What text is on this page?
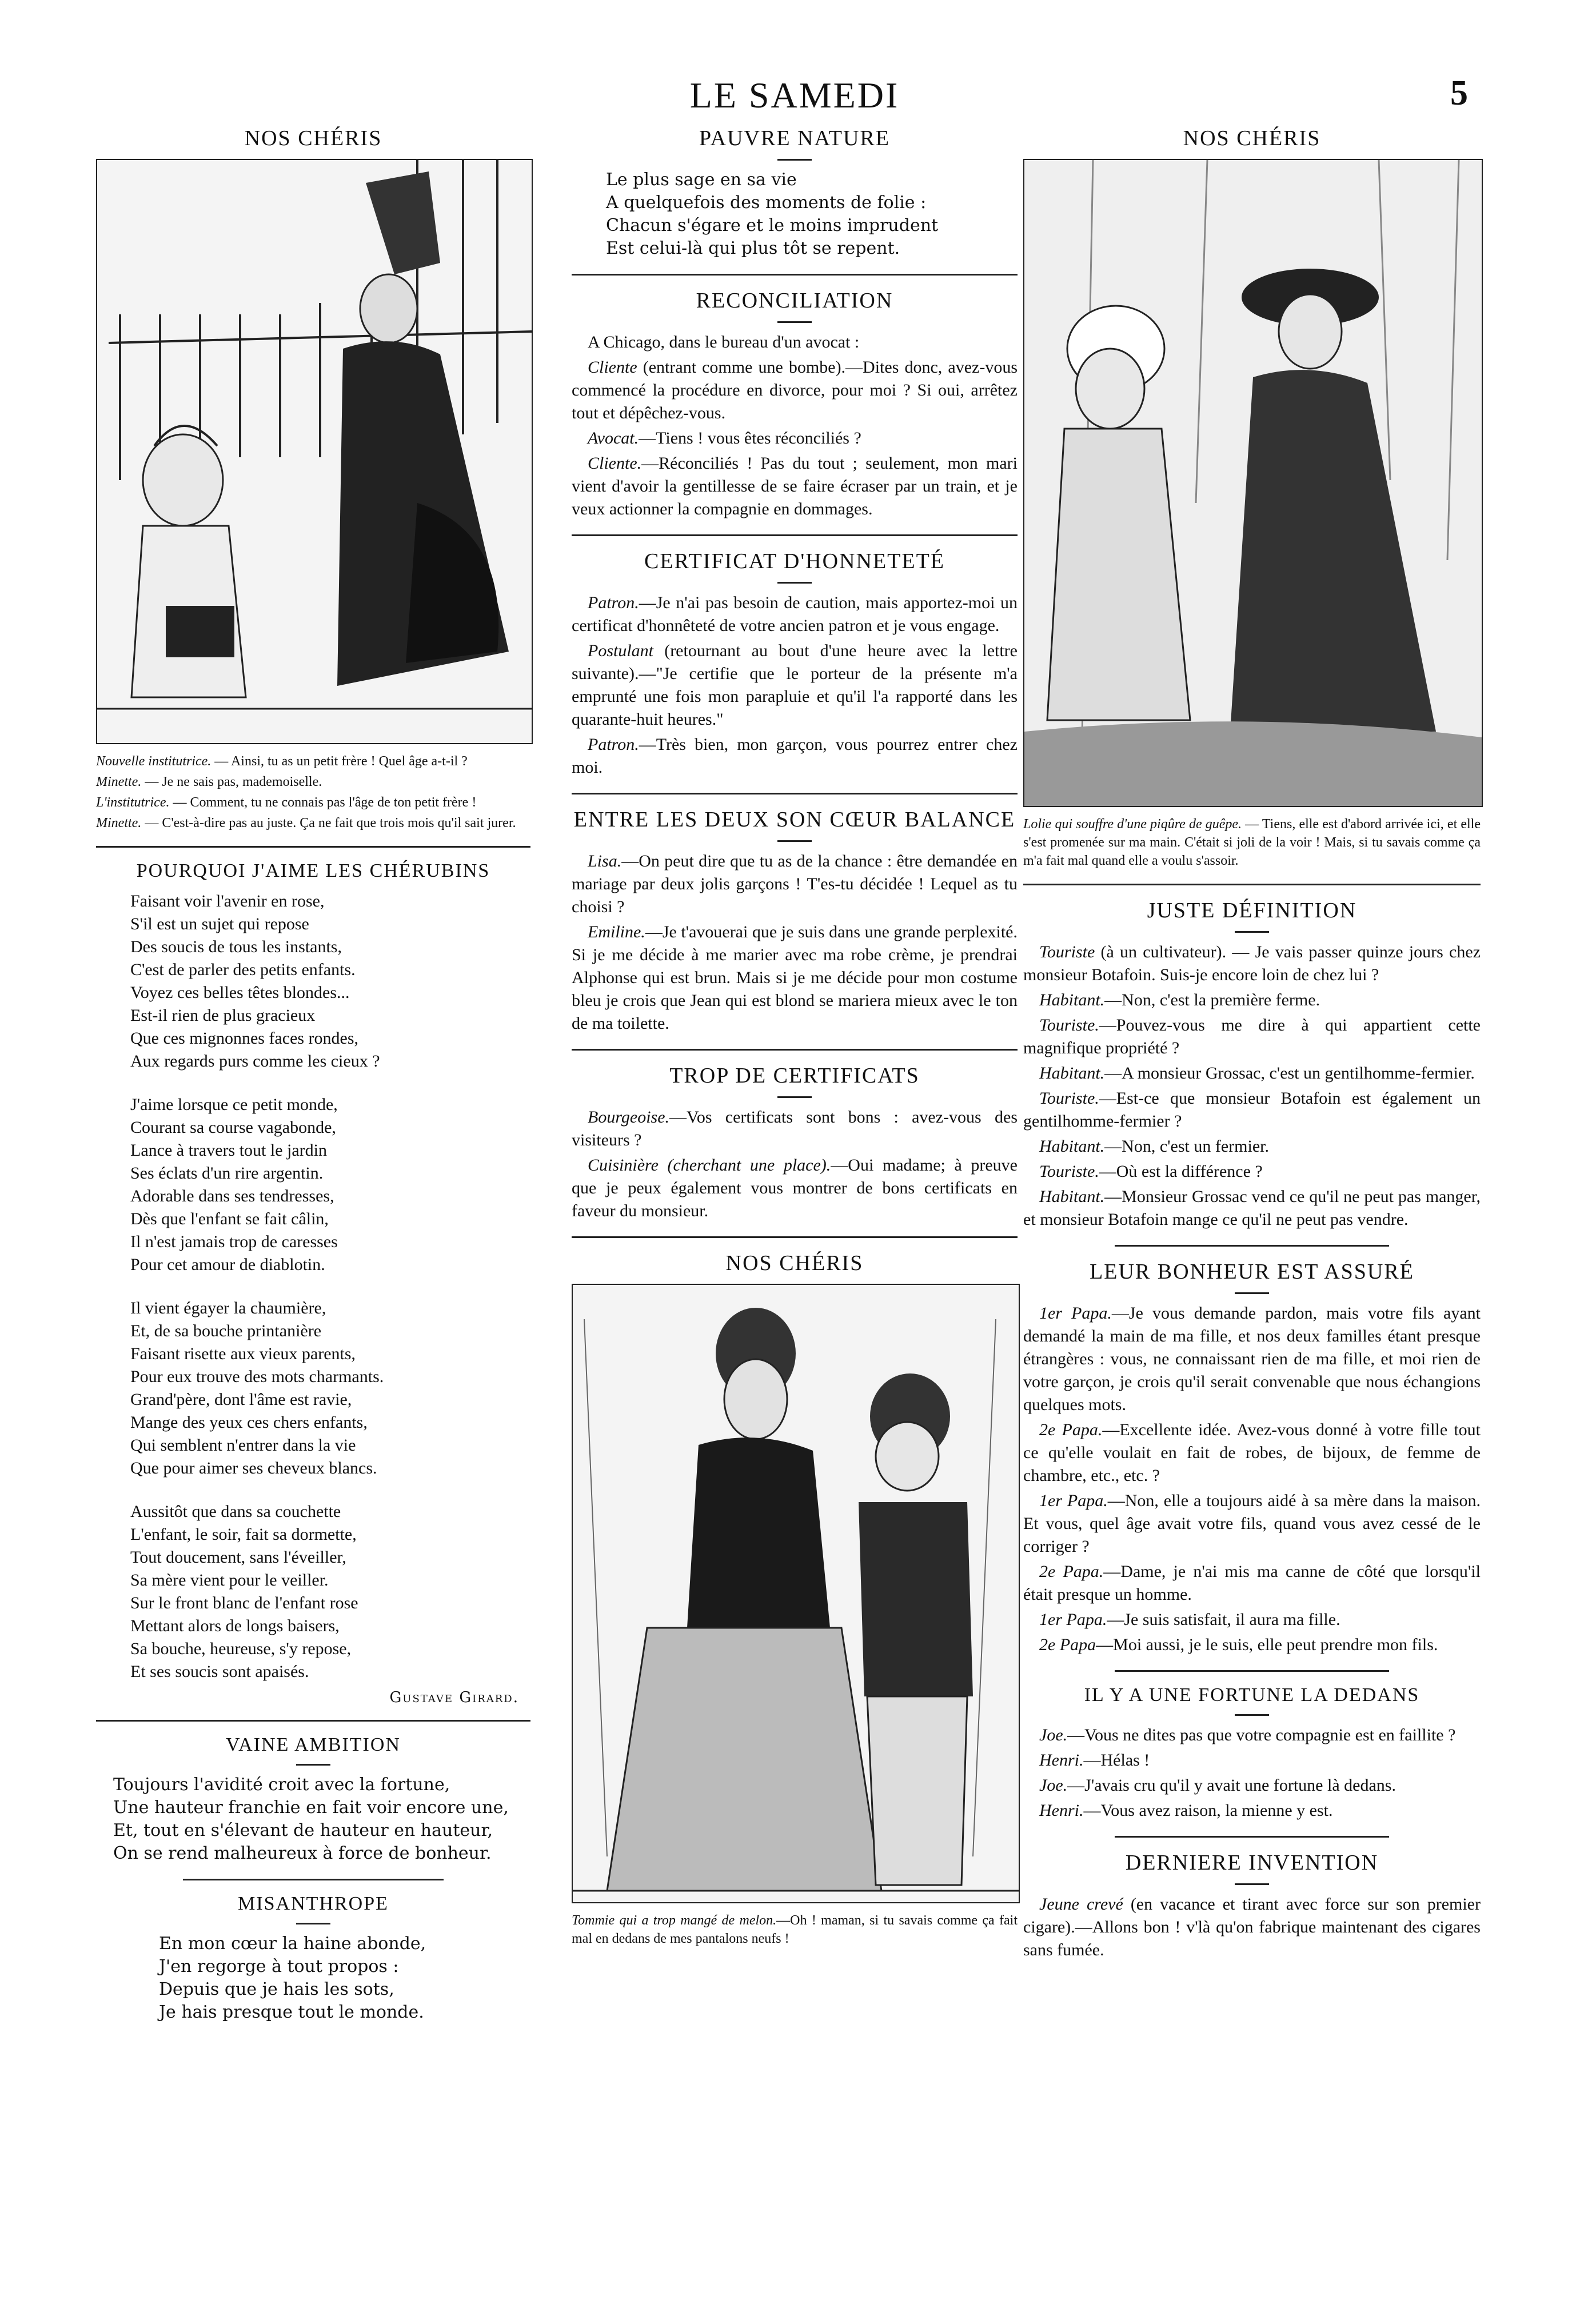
LE SAMEDI	5
NOS CHÉRIS

Nouvelle institutrice. — Ainsi, tu as un petit frère ! Quel âge a-t-il ?

Minette. — Je ne sais pas, mademoiselle.

L'institutrice. — Comment, tu ne connais pas l'âge de ton petit frère !

Minette. — C'est-à-dire pas au juste. Ça ne fait que trois mois qu'il sait jurer.

POURQUOI J'AIME LES CHÉRUBINS
Faisant voir l'avenir en rose,
S'il est un sujet qui repose
Des soucis de tous les instants,
C'est de parler des petits enfants.
Voyez ces belles têtes blondes...
Est-il rien de plus gracieux
Que ces mignonnes faces rondes,
Aux regards purs comme les cieux ?
J'aime lorsque ce petit monde,
Courant sa course vagabonde,
Lance à travers tout le jardin
Ses éclats d'un rire argentin.
Adorable dans ses tendresses,
Dès que l'enfant se fait câlin,
Il n'est jamais trop de caresses
Pour cet amour de diablotin.
Il vient égayer la chaumière,
Et, de sa bouche printanière
Faisant risette aux vieux parents,
Pour eux trouve des mots charmants.
Grand'père, dont l'âme est ravie,
Mange des yeux ces chers enfants,
Qui semblent n'entrer dans la vie
Que pour aimer ses cheveux blancs.
Aussitôt que dans sa couchette
L'enfant, le soir, fait sa dormette,
Tout doucement, sans l'éveiller,
Sa mère vient pour le veiller.
Sur le front blanc de l'enfant rose
Mettant alors de longs baisers,
Sa bouche, heureuse, s'y repose,
Et ses soucis sont apaisés.
Gustave Girard.
VAINE AMBITION
Toujours l'avidité croit avec la fortune,
Une hauteur franchie en fait voir encore une,
Et, tout en s'élevant de hauteur en hauteur,
On se rend malheureux à force de bonheur.
MISANTHROPE
En mon cœur la haine abonde,
J'en regorge à tout propos :
Depuis que je hais les sots,
Je hais presque tout le monde.
PAUVRE NATURE
Le plus sage en sa vie
A quelquefois des moments de folie :
Chacun s'égare et le moins imprudent
Est celui-là qui plus tôt se repent.
RECONCILIATION

A Chicago, dans le bureau d'un avocat :

Cliente (entrant comme une bombe).—Dites donc, avez-vous commencé la procédure en divorce, pour moi ? Si oui, arrêtez tout et dépêchez-vous.

Avocat.—Tiens ! vous êtes réconciliés ?

Cliente.—Réconciliés ! Pas du tout ; seulement, mon mari vient d'avoir la gentillesse de se faire écraser par un train, et je veux actionner la compagnie en dommages.

CERTIFICAT D'HONNETETÉ

Patron.—Je n'ai pas besoin de caution, mais apportez-moi un certificat d'honnêteté de votre ancien patron et je vous engage.

Postulant (retournant au bout d'une heure avec la lettre suivante).—"Je certifie que le porteur de la présente m'a emprunté une fois mon parapluie et qu'il l'a rapporté dans les quarante-huit heures."

Patron.—Très bien, mon garçon, vous pourrez entrer chez moi.

ENTRE LES DEUX SON CŒUR BALANCE

Lisa.—On peut dire que tu as de la chance : être demandée en mariage par deux jolis garçons ! T'es-tu décidée ! Lequel as tu choisi ?

Emiline.—Je t'avouerai que je suis dans une grande perplexité. Si je me décide à me marier avec ma robe crème, je prendrai Alphonse qui est brun. Mais si je me décide pour mon costume bleu je crois que Jean qui est blond se mariera mieux avec le ton de ma toilette.

TROP DE CERTIFICATS

Bourgeoise.—Vos certificats sont bons : avez-vous des visiteurs ?

Cuisinière (cherchant une place).—Oui madame; à preuve que je peux également vous montrer de bons certificats en faveur du monsieur.

NOS CHÉRIS

Tommie qui a trop mangé de melon.—Oh ! maman, si tu savais comme ça fait mal en dedans de mes pantalons neufs !

NOS CHÉRIS

Lolie qui souffre d'une piqûre de guêpe. — Tiens, elle est d'abord arrivée ici, et elle s'est promenée sur ma main. C'était si joli de la voir ! Mais, si tu savais comme ça m'a fait mal quand elle a voulu s'assoir.

JUSTE DÉFINITION

Touriste (à un cultivateur). — Je vais passer quinze jours chez monsieur Botafoin. Suis-je encore loin de chez lui ?

Habitant.—Non, c'est la première ferme.

Touriste.—Pouvez-vous me dire à qui appartient cette magnifique propriété ?

Habitant.—A monsieur Grossac, c'est un gentilhomme-fermier.

Touriste.—Est-ce que monsieur Botafoin est également un gentilhomme-fermier ?

Habitant.—Non, c'est un fermier.

Touriste.—Où est la différence ?

Habitant.—Monsieur Grossac vend ce qu'il ne peut pas manger, et monsieur Botafoin mange ce qu'il ne peut pas vendre.

LEUR BONHEUR EST ASSURÉ

1er Papa.—Je vous demande pardon, mais votre fils ayant demandé la main de ma fille, et nos deux familles étant presque étrangères : vous, ne connaissant rien de ma fille, et moi rien de votre garçon, je crois qu'il serait convenable que nous échangions quelques mots.

2e Papa.—Excellente idée. Avez-vous donné à votre fille tout ce qu'elle voulait en fait de robes, de bijoux, de femme de chambre, etc., etc. ?

1er Papa.—Non, elle a toujours aidé à sa mère dans la maison. Et vous, quel âge avait votre fils, quand vous avez cessé de le corriger ?

2e Papa.—Dame, je n'ai mis ma canne de côté que lorsqu'il était presque un homme.

1er Papa.—Je suis satisfait, il aura ma fille.

2e Papa—Moi aussi, je le suis, elle peut prendre mon fils.

IL Y A UNE FORTUNE LA DEDANS

Joe.—Vous ne dites pas que votre compagnie est en faillite ?

Henri.—Hélas !

Joe.—J'avais cru qu'il y avait une fortune là dedans.

Henri.—Vous avez raison, la mienne y est.

DERNIERE INVENTION

Jeune crevé (en vacance et tirant avec force sur son premier cigare).—Allons bon ! v'là qu'on fabrique maintenant des cigares sans fumée.
